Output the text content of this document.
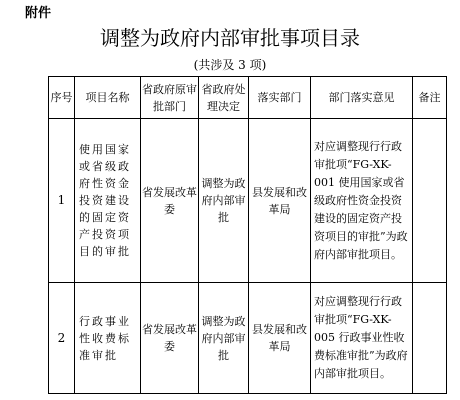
附件
调整为政府内部审批事项目录
(共涉及 3 项)
序号	项目名称	省政府原审批部门	省政府处理决定	落实部门	部门落实意见	备注
1	使用国家或省级政府性资金投资建设的固定资产投资项目的审批	省发展改革委	调整为政府内部审批	县发展和改革局	对应调整现行行政审批项“FG-XK-001 使用国家或省级政府性资金投资建设的固定资产投资项目的审批”为政府内部审批项目。	
2	行政事业性收费标准审批	省发展改革委	调整为政府内部审批	县发展和改革局	对应调整现行行政审批项“FG-XK-005 行政事业性收费标准审批”为政府内部审批项目。	
